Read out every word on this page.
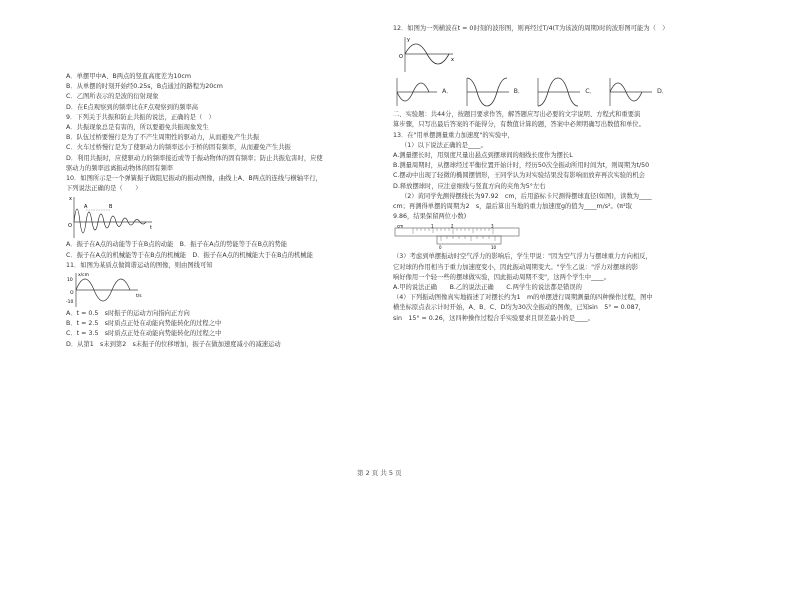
A．单摆甲中A、B两点的竖直高度差为10cm

B．从单摆的时刻开始经0.25s，B点通过的路程为20cm

C．乙图所表示的是波的衍射现象

D．在E点观察到的频率比在F点观察到的频率高

9．下列关于共振和防止共振的说法，正确的是（　）

A．共振现象总是有害的，所以要避免共振现象发生

B．队伍过桥要慢行是为了不产生周期性的驱动力，从而避免产生共振

C．火车过桥慢行是为了使驱动力的频率远小于桥的固有频率，从而避免产生共振

D．利用共振时，应使驱动力的频率接近或等于振动物体的固有频率；防止共振危害时，应使

驱动力的频率远离振动物体的固有频率

10．如图所示是一个弹簧振子做阻尼振动的振动图像，曲线上A、B两点的连线与横轴平行，

下列说法正确的是（　　）

x
t
O
A	B

A．振子在A点的动能等于在B点的动能　B．振子在A点的势能等于在B点的势能

C．振子在A点的机械能等于在B点的机械能　D．振子在A点的机械能大于在B点的机械能

11．如图为某质点做简谐运动的图像，则由图线可知

x/cm
t/s
10
-10
O

A．t = 0.5　s时振子的运动方向指向正方向

B．t = 2.5　s时质点正处在动能向势能转化的过程之中

C．t = 3.5　s时质点正处在动能向势能转化的过程之中

D．从第1　s末到第2　s末振子的位移增加，振子在做加速度减小的减速运动

12．如图为一列横波在t = 0时刻的波形图，则再经过T/4(T为该波的周期)时的波形图可能为（　）

O	x
y
A．	B．	C．	D．

二、实验题：共44分，按题目要求作答，解答题应写出必要的文字说明、方程式和重要演

算步骤，只写出最后答案的不能得分，有数值计算的题，答案中必须明确写出数值和单位。

13．在"用单摆测量重力加速度"的实验中，

（1）以下说法正确的是____。

A.测量摆长时，用刻度尺量出悬点到摆球间的细线长度作为摆长L

B.测量周期时，从摆球经过平衡位置开始计时，经历50次全振动所用时间为t，则周期为t/50

C.摆动中出现了轻微的椭圆摆情形，王同学认为对实验结果没有影响而放弃再次实验的机会

D.释放摆球时，应注意细线与竖直方向的夹角为5°左右

（2）黄同学先测得摆线长为97.92　cm，后用游标卡尺测得摆球直径(如图)，读数为____

cm；再测得单摆的周期为2　s，最后算出当地的重力加速度g的值为____m/s²。(π²取

9.86，结果保留两位小数)

cm	1	2	3
0	10

（3）考虑到单摆振动时空气浮力的影响后，学生甲说："因为空气浮力与摆球重力方向相反，

它对球的作用相当于重力加速度变小，因此振动周期变大。"学生乙说："浮力对摆球的影

响好像用一个轻一些的摆球做实验，因此振动周期不变"，这两个学生中____。

A.甲的说法正确　　B.乙的说法正确　　C.两学生的说法都是错误的

（4）下列振动图像真实地描述了对摆长约为1　m的单摆进行周期测量的四种操作过程，图中

横坐标原点表示计时开始，A、B、C、D均为30次全振动的图像，已知sin　5° = 0.087，

sin　15° = 0.26，这四种操作过程合乎实验要求且误差最小的是____。

第 2 页 共 5 页
